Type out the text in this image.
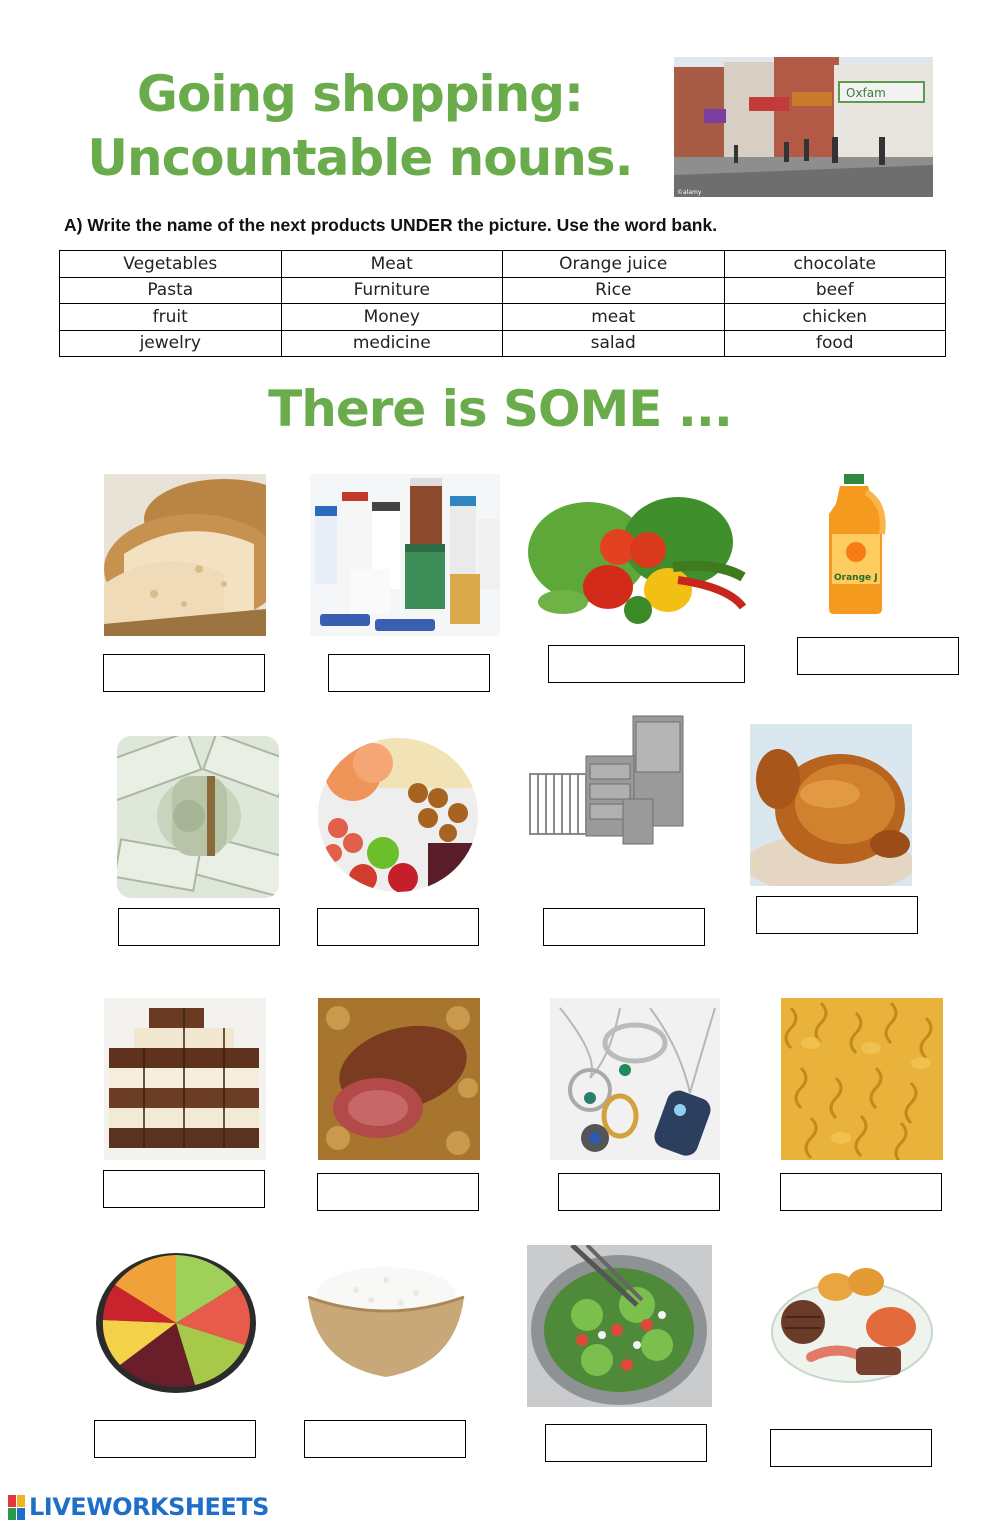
Going shopping:
Uncountable nouns.
Oxfam
©alamy
A) Write the name of the next products UNDER the picture. Use the word bank.
Vegetables	Meat	Orange juice	chocolate
Pasta	Furniture	Rice	beef
fruit	Money	meat	chicken
jewelry	medicine	salad	food
There is SOME ...
Orange J
LIVEWORKSHEETS
